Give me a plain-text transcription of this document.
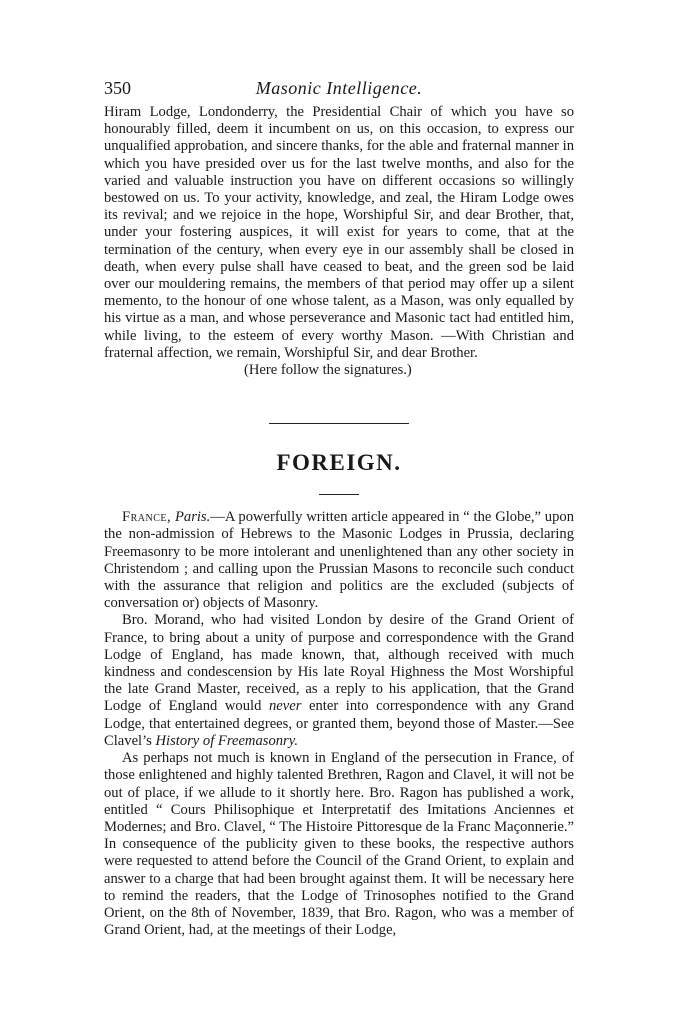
350	Masonic Intelligence.

Hiram Lodge, Londonderry, the Presidential Chair of which you have so honourably filled, deem it incumbent on us, on this occasion, to express our unqualified approbation, and sincere thanks, for the able and fraternal manner in which you have presided over us for the last twelve months, and also for the varied and valuable instruction you have on different occasions so willingly bestowed on us. To your activity, knowledge, and zeal, the Hiram Lodge owes its revival; and we rejoice in the hope, Worshipful Sir, and dear Brother, that, under your fostering auspices, it will exist for years to come, that at the termination of the century, when every eye in our assembly shall be closed in death, when every pulse shall have ceased to beat, and the green sod be laid over our mouldering remains, the members of that period may offer up a silent memento, to the honour of one whose talent, as a Mason, was only equalled by his virtue as a man, and whose perseverance and Masonic tact had entitled him, while living, to the esteem of every worthy Mason. —With Christian and fraternal affection, we remain, Worshipful Sir, and dear Brother.

(Here follow the signatures.)

FOREIGN.

France, Paris.—A powerfully written article appeared in “ the Globe,” upon the non-admission of Hebrews to the Masonic Lodges in Prussia, declaring Freemasonry to be more intolerant and unenlightened than any other society in Christendom ; and calling upon the Prussian Masons to reconcile such conduct with the assurance that religion and politics are the excluded (subjects of conversation or) objects of Masonry.

Bro. Morand, who had visited London by desire of the Grand Orient of France, to bring about a unity of purpose and correspondence with the Grand Lodge of England, has made known, that, although received with much kindness and condescension by His late Royal Highness the Most Worshipful the late Grand Master, received, as a reply to his application, that the Grand Lodge of England would never enter into correspondence with any Grand Lodge, that entertained degrees, or granted them, beyond those of Master.—See Clavel’s History of Freemasonry.

As perhaps not much is known in England of the persecution in France, of those enlightened and highly talented Brethren, Ragon and Clavel, it will not be out of place, if we allude to it shortly here. Bro. Ragon has published a work, entitled “ Cours Philisophique et Interpretatif des Imitations Anciennes et Modernes; and Bro. Clavel, “ The Histoire Pittoresque de la Franc Maçonnerie.” In consequence of the publicity given to these books, the respective authors were requested to attend before the Council of the Grand Orient, to explain and answer to a charge that had been brought against them. It will be necessary here to remind the readers, that the Lodge of Trinosophes notified to the Grand Orient, on the 8th of November, 1839, that Bro. Ragon, who was a member of Grand Orient, had, at the meetings of their Lodge,
